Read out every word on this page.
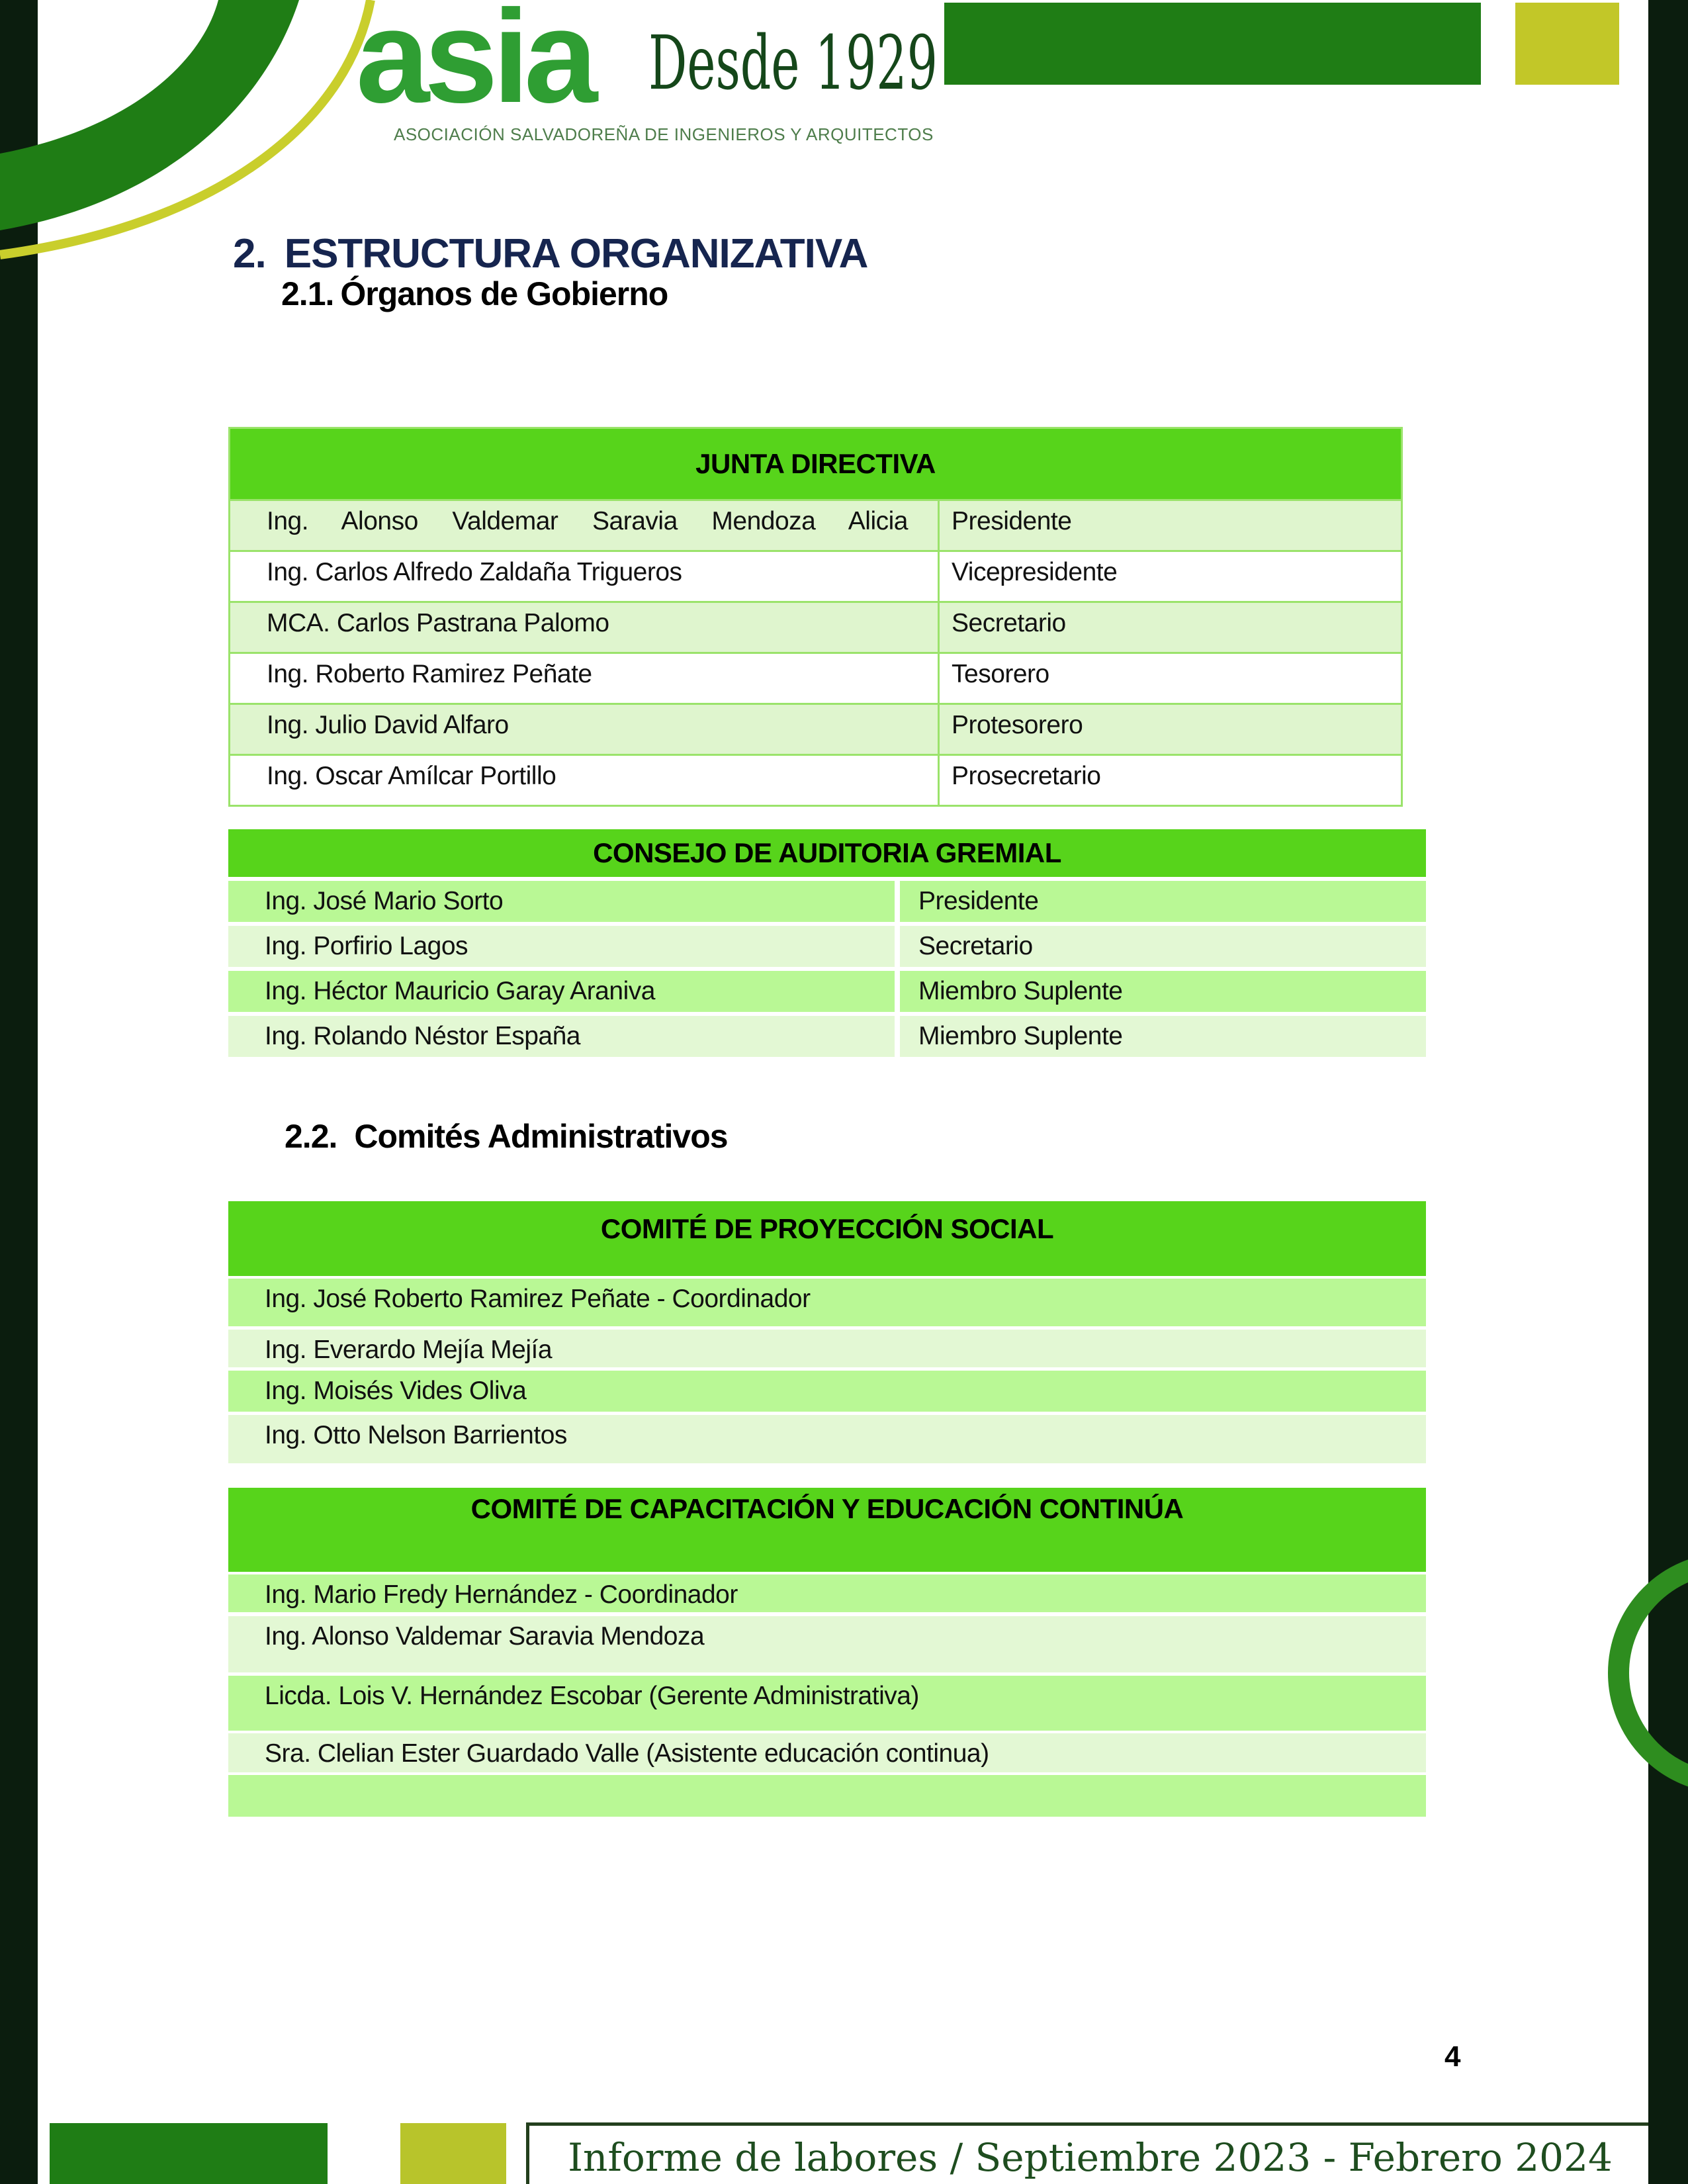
asia Desde 1929
ASOCIACIÓN SALVADOREÑA DE INGENIEROS Y ARQUITECTOS
2. ESTRUCTURA ORGANIZATIVA
2.1. Órganos de Gobierno
JUNTA DIRECTIVA
Ing. Alonso Valdemar Saravia Mendoza Alicia	Presidente
Ing. Carlos Alfredo Zaldaña Trigueros	Vicepresidente
MCA. Carlos Pastrana Palomo	Secretario
Ing. Roberto Ramirez Peñate	Tesorero
Ing. Julio David Alfaro	Protesorero
Ing. Oscar Amílcar Portillo	Prosecretario
CONSEJO DE AUDITORIA GREMIAL
Ing. José Mario Sorto	Presidente
Ing. Porfirio Lagos	Secretario
Ing. Héctor Mauricio Garay Araniva	Miembro Suplente
Ing. Rolando Néstor España	Miembro Suplente
2.2. Comités Administrativos
COMITÉ DE PROYECCIÓN SOCIAL
Ing. José Roberto Ramirez Peñate - Coordinador
Ing. Everardo Mejía Mejía
Ing. Moisés Vides Oliva
Ing. Otto Nelson Barrientos
COMITÉ DE CAPACITACIÓN Y EDUCACIÓN CONTINÚA
Ing. Mario Fredy Hernández - Coordinador
Ing. Alonso Valdemar Saravia Mendoza
Licda. Lois V. Hernández Escobar (Gerente Administrativa)
Sra. Clelian Ester Guardado Valle (Asistente educación continua)
4
Informe de labores / Septiembre 2023 - Febrero 2024
